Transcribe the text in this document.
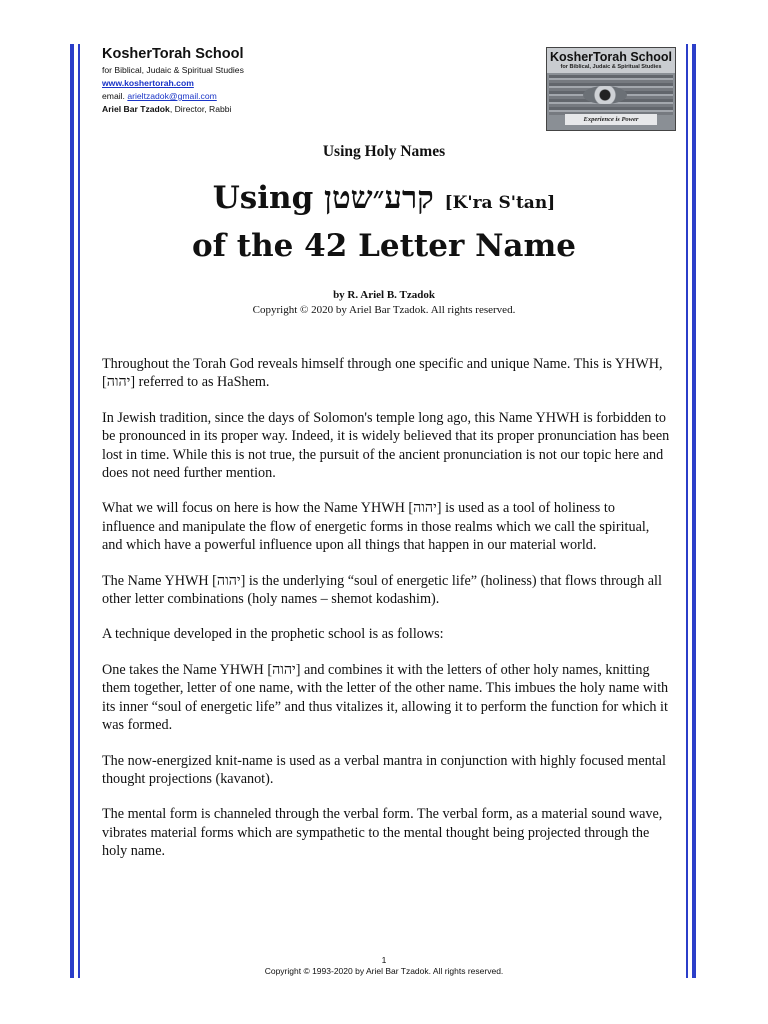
KosherTorah School
for Biblical, Judaic & Spiritual Studies
www.koshertorah.com
email. arieltzadok@gmail.com
Ariel Bar Tzadok, Director, Rabbi
KosherTorah School
for Biblical, Judaic & Spiritual Studies
Experience is Power
Using Holy Names
Using קרע״שטן [K'ra S'tan]
of the 42 Letter Name
by R. Ariel B. Tzadok
Copyright © 2020 by Ariel Bar Tzadok. All rights reserved.

Throughout the Torah God reveals himself through one specific and unique Name. This is YHWH, [יהוה] referred to as HaShem.

In Jewish tradition, since the days of Solomon's temple long ago, this Name YHWH is forbidden to be pronounced in its proper way. Indeed, it is widely believed that its proper pronunciation has been lost in time. While this is not true, the pursuit of the ancient pronunciation is not our topic here and does not need further mention.

What we will focus on here is how the Name YHWH [יהוה] is used as a tool of holiness to influence and manipulate the flow of energetic forms in those realms which we call the spiritual, and which have a powerful influence upon all things that happen in our material world.

The Name YHWH [יהוה] is the underlying “soul of energetic life” (holiness) that flows through all other letter combinations (holy names – shemot kodashim).

A technique developed in the prophetic school is as follows:

One takes the Name YHWH [יהוה] and combines it with the letters of other holy names, knitting them together, letter of one name, with the letter of the other name. This imbues the holy name with its inner “soul of energetic life” and thus vitalizes it, allowing it to perform the function for which it was formed.

The now-energized knit-name is used as a verbal mantra in conjunction with highly focused mental thought projections (kavanot).

The mental form is channeled through the verbal form. The verbal form, as a material sound wave, vibrates material forms which are sympathetic to the mental thought being projected through the holy name.

1
Copyright © 1993-2020 by Ariel Bar Tzadok. All rights reserved.
